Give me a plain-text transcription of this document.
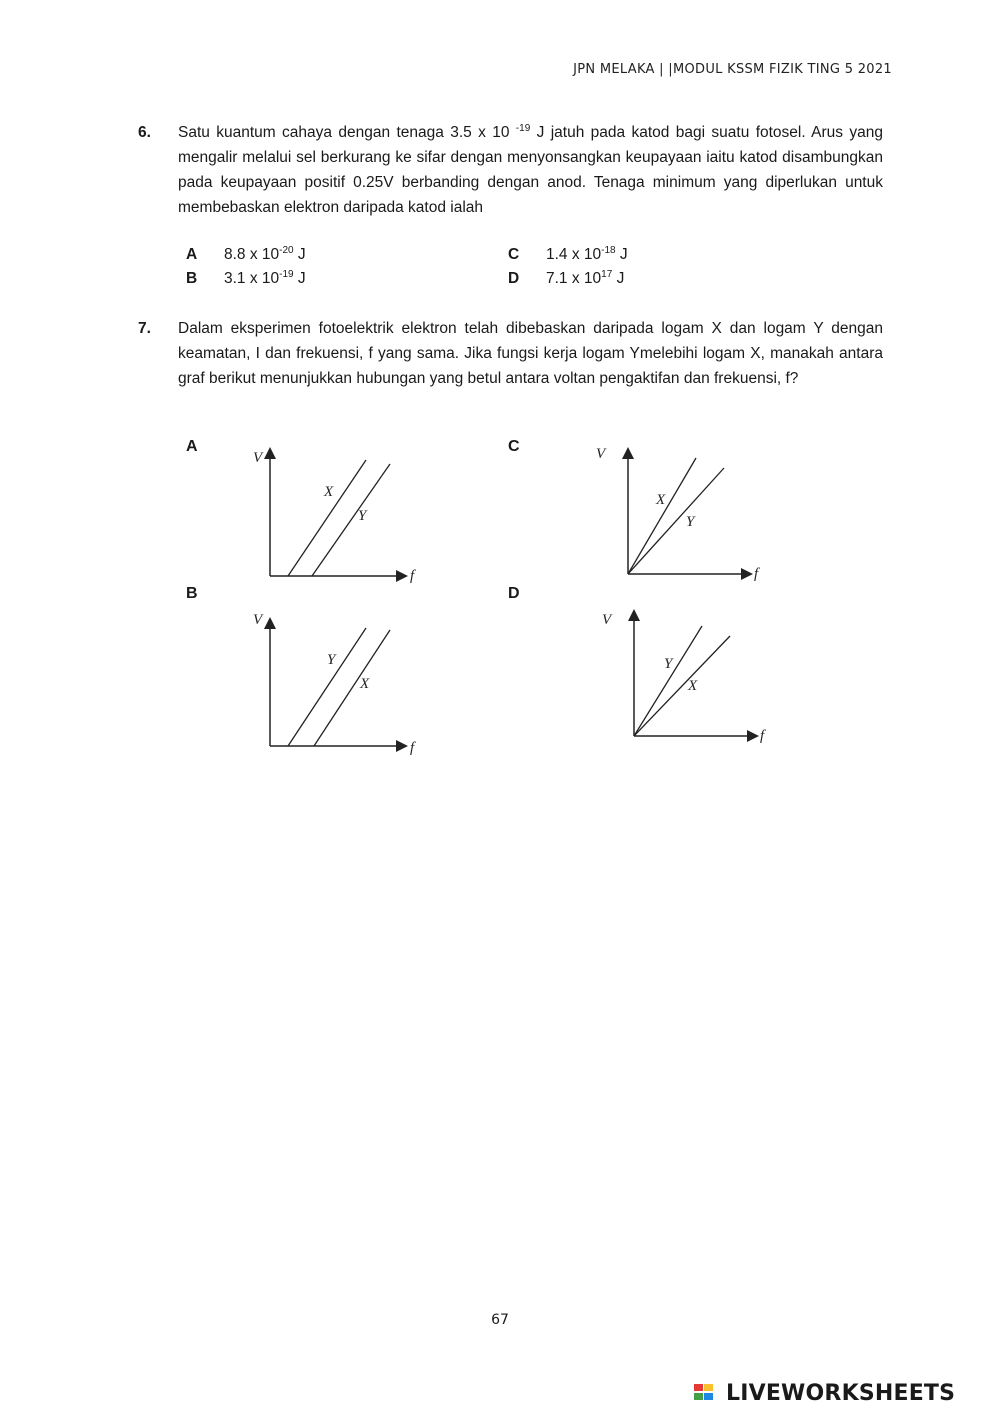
JPN MELAKA | |MODUL KSSM FIZIK TING 5 2021
6. Satu kuantum cahaya dengan tenaga 3.5 x 10 $^{-19}$ J jatuh pada katod bagi suatu fotosel. Arus yang mengalir melalui sel berkurang ke sifar dengan menyonsangkan keupayaan iaitu katod disambungkan pada keupayaan positif 0.25V berbanding dengan anod. Tenaga minimum yang diperlukan untuk membebaskan elektron daripada katod ialah
A 8.8 x $10^{-20}$ J
B 3.1 x $10^{-19}$ J
C 1.4 x $10^{-18}$ J
D 7.1 x $10^{17}$ J
7. Dalam eksperimen fotoelektrik elektron telah dibebaskan daripada logam X dan logam Y dengan keamatan, I dan frekuensi, f yang sama. Jika fungsi kerja logam Ymelebihi logam X, manakah antara graf berikut menunjukkan hubungan yang betul antara voltan pengaktifan dan frekuensi, f?
A
B
C
D
V
f
X
Y
V
f
Y
X
V
f
X
Y
V
f
Y
X
67
LIVEWORKSHEETS
